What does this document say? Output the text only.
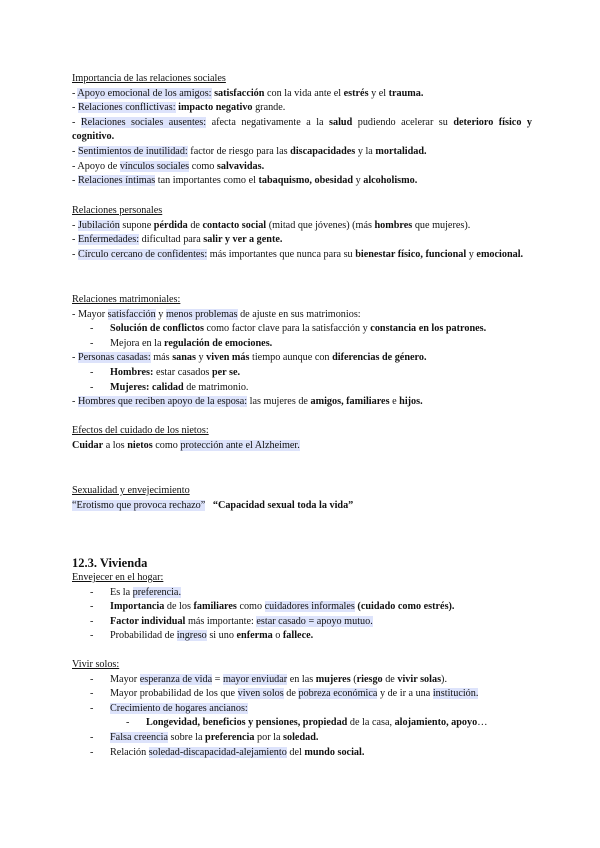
Importancia de las relaciones sociales
- Apoyo emocional de los amigos: satisfacción con la vida ante el estrés y el trauma.
- Relaciones conflictivas: impacto negativo grande.
- Relaciones sociales ausentes: afecta negativamente a la salud pudiendo acelerar su deterioro físico y cognitivo.
- Sentimientos de inutilidad: factor de riesgo para las discapacidades y la mortalidad.
- Apoyo de vínculos sociales como salvavidas.
- Relaciones íntimas tan importantes como el tabaquismo, obesidad y alcoholismo.
Relaciones personales
- Jubilación supone pérdida de contacto social (mitad que jóvenes) (más hombres que mujeres).
- Enfermedades: dificultad para salir y ver a gente.
- Círculo cercano de confidentes: más importantes que nunca para su bienestar físico, funcional y emocional.
Relaciones matrimoniales:
- Mayor satisfacción y menos problemas de ajuste en sus matrimonios:
-	Solución de conflictos como factor clave para la satisfacción y constancia en los patrones.
-	Mejora en la regulación de emociones.
- Personas casadas: más sanas y viven más tiempo aunque con diferencias de género.
-	Hombres: estar casados per se.
-	Mujeres: calidad de matrimonio.
- Hombres que reciben apoyo de la esposa: las mujeres de amigos, familiares e hijos.
Efectos del cuidado de los nietos:
Cuidar a los nietos como protección ante el Alzheimer.
Sexualidad y envejecimiento
“Erotismo que provoca rechazo” “Capacidad sexual toda la vida”
12.3. Vivienda
Envejecer en el hogar:
-	Es la preferencia.
-	Importancia de los familiares como cuidadores informales (cuidado como estrés).
-	Factor individual más importante: estar casado = apoyo mutuo.
-	Probabilidad de ingreso si uno enferma o fallece.
Vivir solos:
-	Mayor esperanza de vida = mayor enviudar en las mujeres (riesgo de vivir solas).
-	Mayor probabilidad de los que viven solos de pobreza económica y de ir a una institución.
-	Crecimiento de hogares ancianos:
-	Longevidad, beneficios y pensiones, propiedad de la casa, alojamiento, apoyo…
-	Falsa creencia sobre la preferencia por la soledad.
-	Relación soledad-discapacidad-alejamiento del mundo social.
